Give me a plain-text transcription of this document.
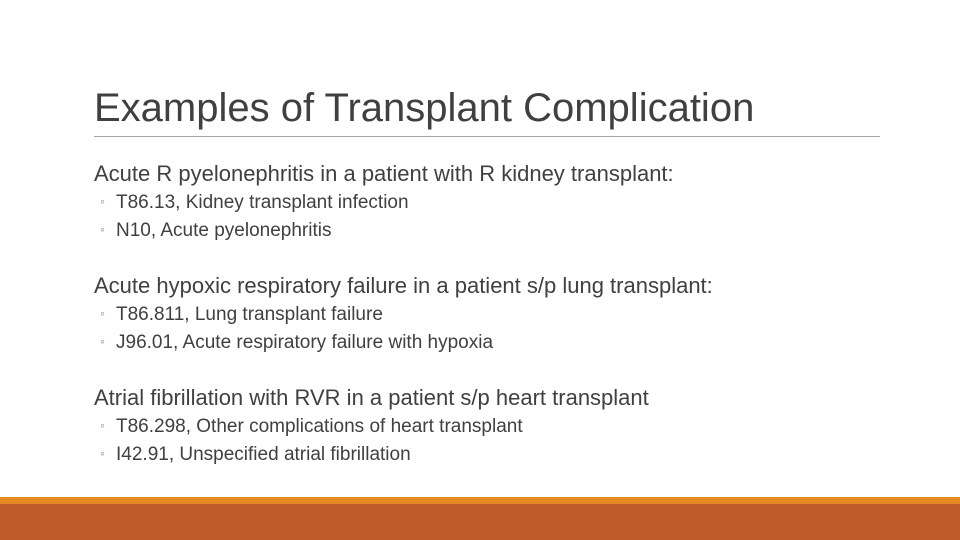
Examples of Transplant Complication
Acute R pyelonephritis in a patient with R kidney transplant:
◦ T86.13, Kidney transplant infection
◦ N10, Acute pyelonephritis
Acute hypoxic respiratory failure in a patient s/p lung transplant:
◦ T86.811, Lung transplant failure
◦ J96.01, Acute respiratory failure with hypoxia
Atrial fibrillation with RVR in a patient s/p heart transplant
◦ T86.298, Other complications of heart transplant
◦ I42.91, Unspecified atrial fibrillation
